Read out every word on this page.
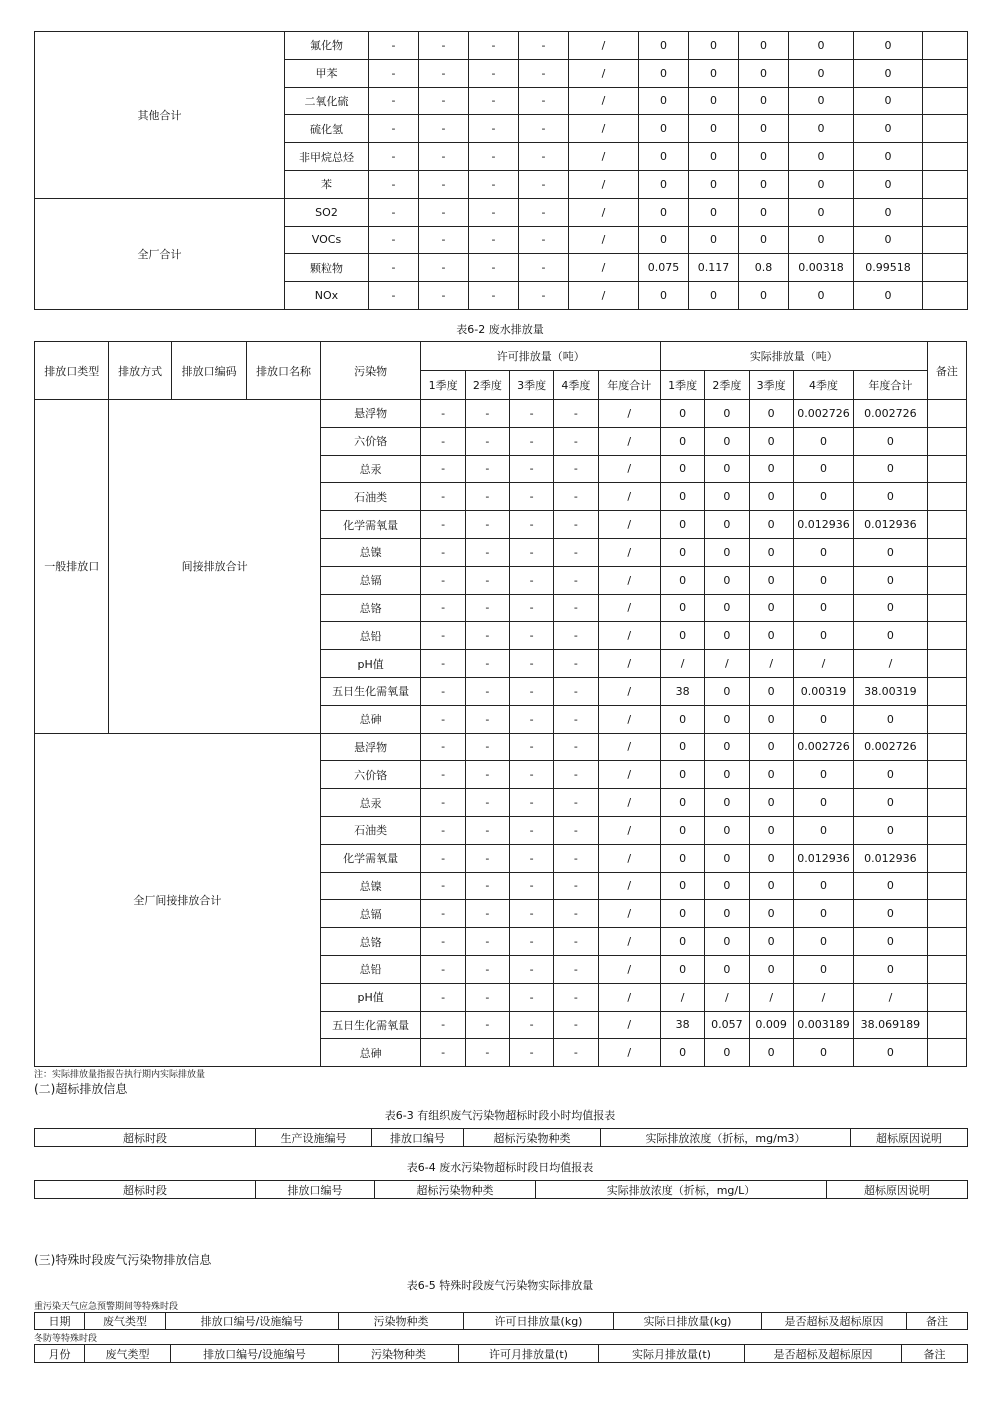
其他合计	氟化物	-	-	-	-	/	0	0	0	0	0	
	甲苯	-	-	-	-	/	0	0	0	0	0	
	二氧化硫	-	-	-	-	/	0	0	0	0	0	
	硫化氢	-	-	-	-	/	0	0	0	0	0	
	非甲烷总烃	-	-	-	-	/	0	0	0	0	0	
	苯	-	-	-	-	/	0	0	0	0	0	
全厂合计	SO2	-	-	-	-	/	0	0	0	0	0	
	VOCs	-	-	-	-	/	0	0	0	0	0	
	颗粒物	-	-	-	-	/	0.075	0.117	0.8	0.00318	0.99518	
	NOx	-	-	-	-	/	0	0	0	0	0	
表6-2 废水排放量
排放口类型	排放方式	排放口编码	排放口名称	污染物	许可排放量（吨）					实际排放量（吨）					备注
					1季度	2季度	3季度	4季度	年度合计	1季度	2季度	3季度	4季度	年度合计	
一般排放口	间接排放合计			悬浮物	-	-	-	-	/	0	0	0	0.002726	0.002726	
				六价铬	-	-	-	-	/	0	0	0	0	0	
				总汞	-	-	-	-	/	0	0	0	0	0	
				石油类	-	-	-	-	/	0	0	0	0	0	
				化学需氧量	-	-	-	-	/	0	0	0	0.012936	0.012936	
				总镍	-	-	-	-	/	0	0	0	0	0	
				总镉	-	-	-	-	/	0	0	0	0	0	
				总铬	-	-	-	-	/	0	0	0	0	0	
				总铅	-	-	-	-	/	0	0	0	0	0	
				pH值	-	-	-	-	/	/	/	/	/	/	
				五日生化需氧量	-	-	-	-	/	38	0	0	0.00319	38.00319	
				总砷	-	-	-	-	/	0	0	0	0	0	
全厂间接排放合计				悬浮物	-	-	-	-	/	0	0	0	0.002726	0.002726	
				六价铬	-	-	-	-	/	0	0	0	0	0	
				总汞	-	-	-	-	/	0	0	0	0	0	
				石油类	-	-	-	-	/	0	0	0	0	0	
				化学需氧量	-	-	-	-	/	0	0	0	0.012936	0.012936	
				总镍	-	-	-	-	/	0	0	0	0	0	
				总镉	-	-	-	-	/	0	0	0	0	0	
				总铬	-	-	-	-	/	0	0	0	0	0	
				总铅	-	-	-	-	/	0	0	0	0	0	
				pH值	-	-	-	-	/	/	/	/	/	/	
				五日生化需氧量	-	-	-	-	/	38	0.057	0.009	0.003189	38.069189	
				总砷	-	-	-	-	/	0	0	0	0	0	
注：实际排放量指报告执行期内实际排放量
(二)超标排放信息
表6-3 有组织废气污染物超标时段小时均值报表
超标时段	生产设施编号	排放口编号	超标污染物种类	实际排放浓度（折标，mg/m3）	超标原因说明
表6-4 废水污染物超标时段日均值报表
超标时段	排放口编号	超标污染物种类	实际排放浓度（折标，mg/L）	超标原因说明
(三)特殊时段废气污染物排放信息
表6-5 特殊时段废气污染物实际排放量
重污染天气应急预警期间等特殊时段
日期	废气类型	排放口编号/设施编号	污染物种类	许可日排放量(kg)	实际日排放量(kg)	是否超标及超标原因	备注
冬防等特殊时段
月份	废气类型	排放口编号/设施编号	污染物种类	许可月排放量(t)	实际月排放量(t)	是否超标及超标原因	备注
